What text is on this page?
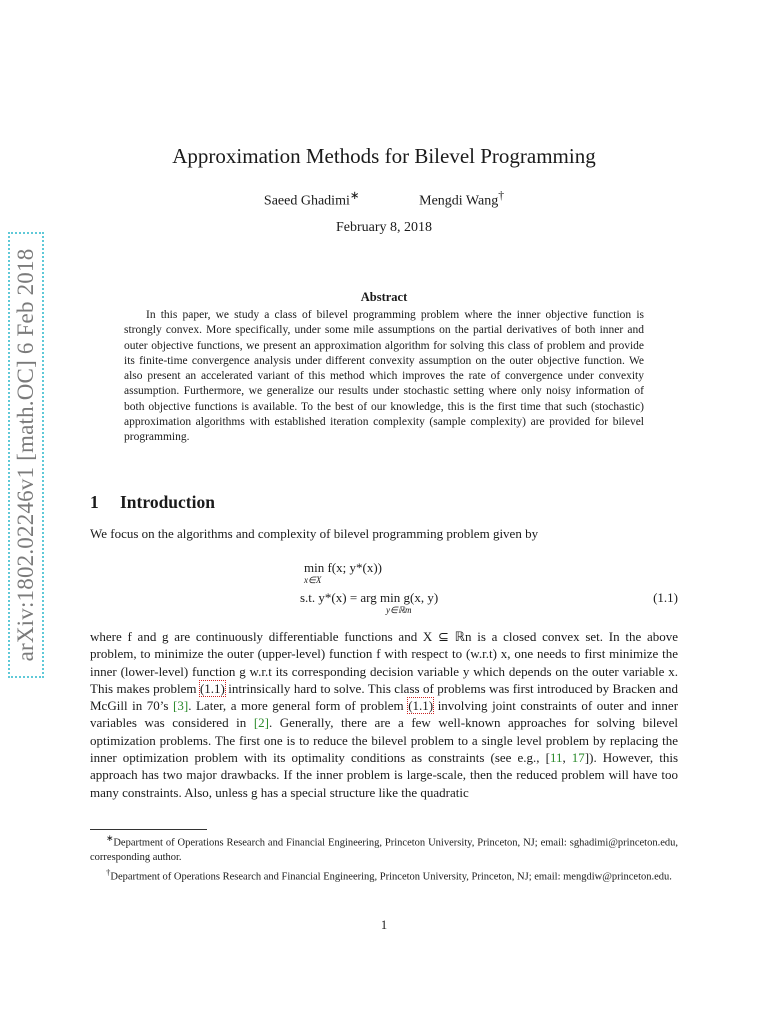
arXiv:1802.02246v1 [math.OC] 6 Feb 2018
Approximation Methods for Bilevel Programming
Saeed Ghadimi∗	Mengdi Wang†
February 8, 2018
Abstract

In this paper, we study a class of bilevel programming problem where the inner objective function is strongly convex. More specifically, under some mile assumptions on the partial derivatives of both inner and outer objective functions, we present an approximation algorithm for solving this class of problem and provide its finite-time convergence analysis under different convexity assumption on the outer objective function. We also present an accelerated variant of this method which improves the rate of convergence under convexity assumption. Furthermore, we generalize our results under stochastic setting where only noisy information of both objective functions is available. To the best of our knowledge, this is the first time that such (stochastic) approximation algorithms with established iteration complexity (sample complexity) are provided for bilevel programming.

1 Introduction

We focus on the algorithms and complexity of bilevel programming problem given by

min f(x; y*(x))
x∈X
s.t. y*(x) = arg min g(x, y)
y∈ℝm
(1.1)

where f and g are continuously differentiable functions and X ⊆ ℝn is a closed convex set. In the above problem, to minimize the outer (upper-level) function f with respect to (w.r.t) x, one needs to first minimize the inner (lower-level) function g w.r.t its corresponding decision variable y which depends on the outer variable x. This makes problem (1.1) intrinsically hard to solve. This class of problems was first introduced by Bracken and McGill in 70’s [3]. Later, a more general form of problem (1.1) involving joint constraints of outer and inner variables was considered in [2]. Generally, there are a few well-known approaches for solving bilevel optimization problems. The first one is to reduce the bilevel problem to a single level problem by replacing the inner optimization problem with its optimality conditions as constraints (see e.g., [11, 17]). However, this approach has two major drawbacks. If the inner problem is large-scale, then the reduced problem will have too many constraints. Also, unless g has a special structure like the quadratic

∗Department of Operations Research and Financial Engineering, Princeton University, Princeton, NJ; email: sghadimi@princeton.edu, corresponding author.

†Department of Operations Research and Financial Engineering, Princeton University, Princeton, NJ; email: mengdiw@princeton.edu.

1
